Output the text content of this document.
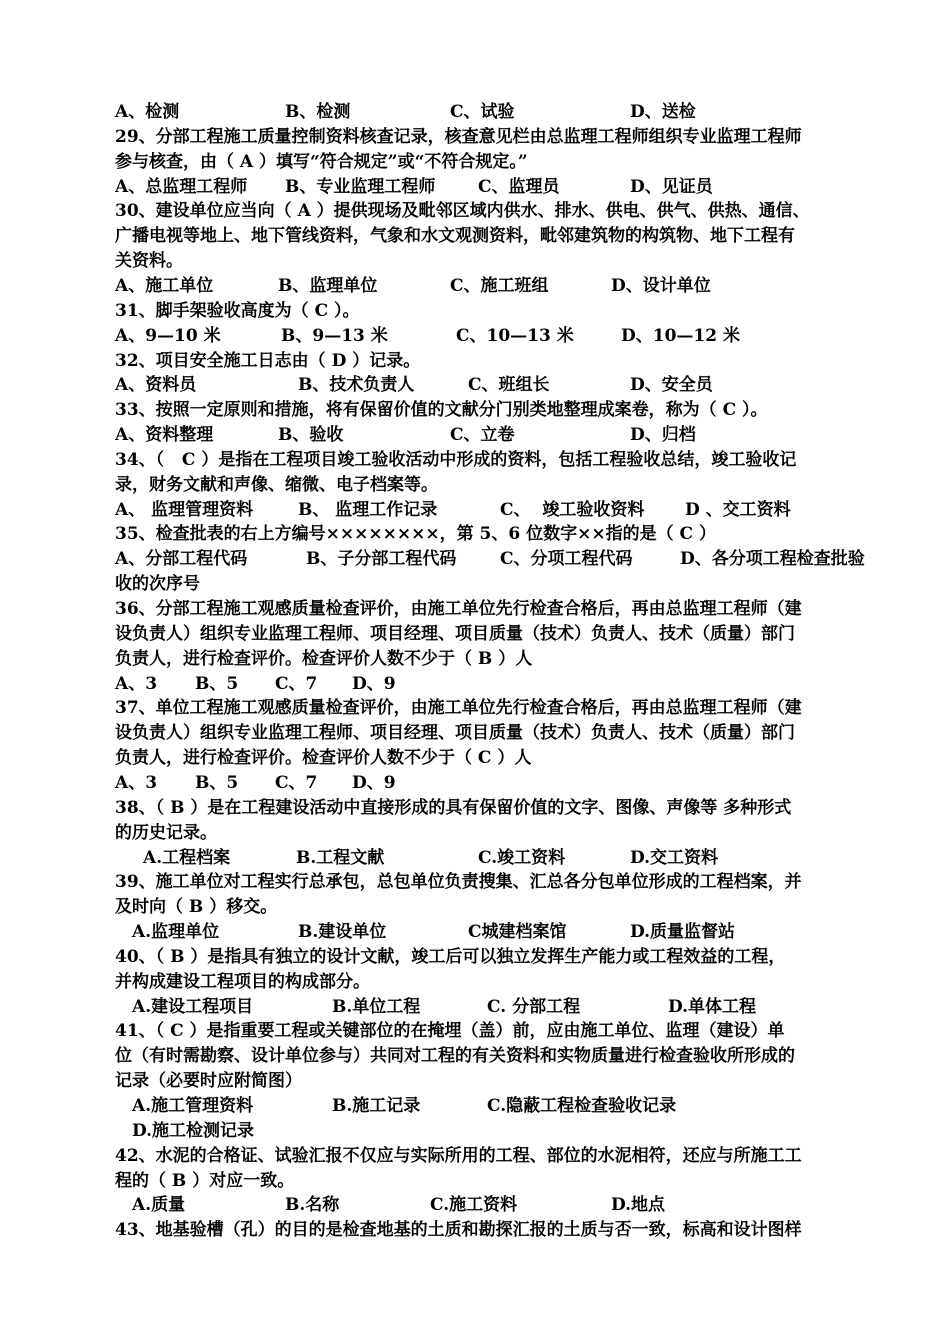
A、检测	B、检测	C、试验	D、送检
29、分部工程施工质量控制资料核查记录，核查意见栏由总监理工程师组织专业监理工程师
参与核查，由（ A ）填写“符合规定”或“不符合规定。”
A、总监理工程师 B、专业监理工程师	C、监理员	D、见证员
30、建设单位应当向（ A ）提供现场及毗邻区域内供水、排水、供电、供气、供热、通信、
广播电视等地上、地下管线资料，气象和水文观测资料，毗邻建筑物的构筑物、地下工程有
关资料。
A、施工单位	B、监理单位	C、施工班组	D、设计单位
31、脚手架验收高度为（ C ）。
A、9—10 米	B、9—13 米	C、10—13 米	D、10—12 米
32、项目安全施工日志由（ D ）记录。
A、资料员	B、技术负责人	C、班组长	D、安全员
33、按照一定原则和措施，将有保留价值的文献分门别类地整理成案卷，称为（ C ）。
A、资料整理	B、验收	C、立卷	D、归档
34、（   C ）是指在工程项目竣工验收活动中形成的资料，包括工程验收总结，竣工验收记
录，财务文献和声像、缩微、电子档案等。
A、 监理管理资料	B、 监理工作记录	C、  竣工验收资料 D 、交工资料
35、检查批表的右上方编号××××××××，第 5、6 位数字××指的是（ C ）
A、分部工程代码	B、子分部工程代码	C、分项工程代码	D、各分项工程检查批验
收的次序号
36、分部工程施工观感质量检查评价，由施工单位先行检查合格后，再由总监理工程师（建
设负责人）组织专业监理工程师、项目经理、项目质量（技术）负责人、技术（质量）部门
负责人，进行检查评价。检查评价人数不少于（ B ）人
A、3 B、5 C、7 D、9
37、单位工程施工观感质量检查评价，由施工单位先行检查合格后，再由总监理工程师（建
设负责人）组织专业监理工程师、项目经理、项目质量（技术）负责人、技术（质量）部门
负责人，进行检查评价。检查评价人数不少于（ C ）人
A、3 B、5 C、7 D、9
38、（ B ）是在工程建设活动中直接形成的具有保留价值的文字、图像、声像等 多种形式
的历史记录。
A.工程档案	B.工程文献	C.竣工资料	D.交工资料
39、施工单位对工程实行总承包，总包单位负责搜集、汇总各分包单位形成的工程档案，并
及时向（ B ）移交。
A.监理单位	B.建设单位	C城建档案馆	D.质量监督站
40、（ B ）是指具有独立的设计文献，竣工后可以独立发挥生产能力或工程效益的工程，
并构成建设工程项目的构成部分。
A.建设工程项目	B.单位工程	C. 分部工程	D.单体工程
41、（ C ）是指重要工程或关键部位的在掩埋（盖）前，应由施工单位、监理（建设）单
位（有时需勘察、设计单位参与）共同对工程的有关资料和实物质量进行检查验收所形成的
记录（必要时应附简图）
A.施工管理资料	B.施工记录	C.隐蔽工程检查验收记录
D.施工检测记录
42、水泥的合格证、试验汇报不仅应与实际所用的工程、部位的水泥相符，还应与所施工工
程的（ B ）对应一致。
A.质量	B.名称	C.施工资料	D.地点
43、地基验槽（孔）的目的是检查地基的土质和勘探汇报的土质与否一致，标高和设计图样
